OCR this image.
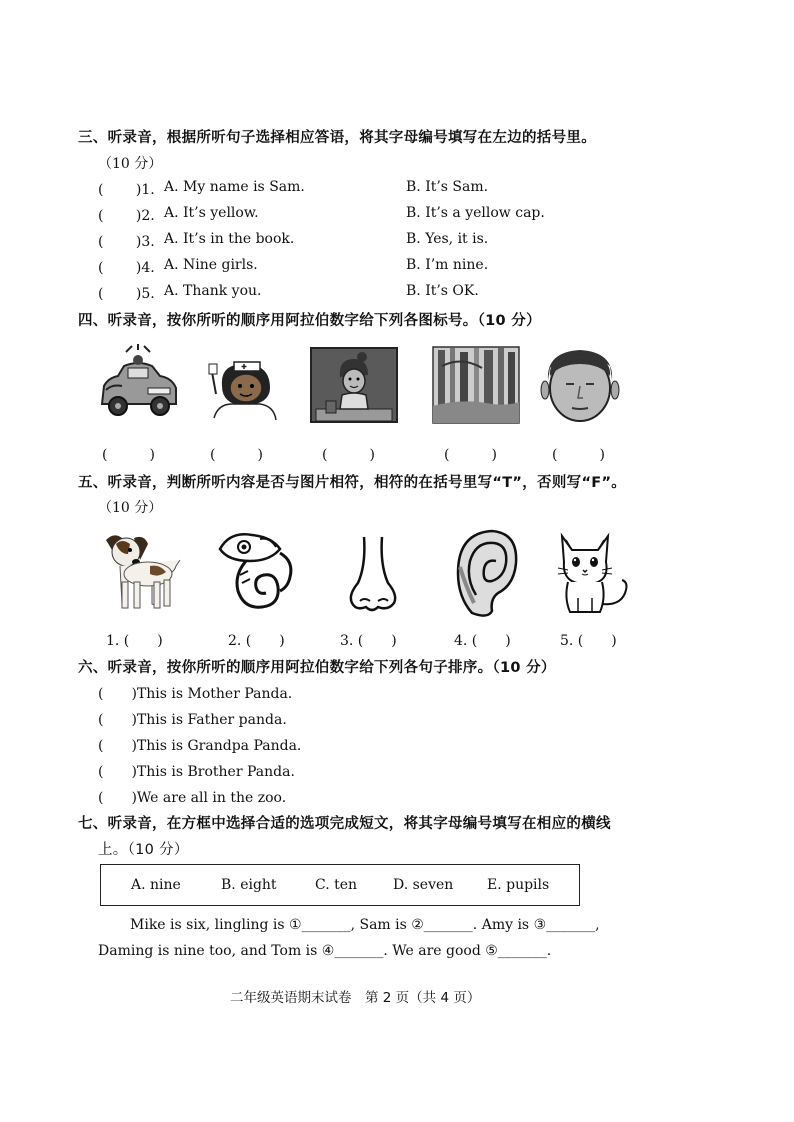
三、听录音，根据所听句子选择相应答语，将其字母编号填写在左边的括号里。
（10 分）
( 　　)1. A. My name is Sam.	B. It’s Sam.
( 　　)2. A. It’s yellow.	B. It’s a yellow cap.
( 　　)3. A. It’s in the book.	B. Yes, it is.
( 　　)4. A. Nine girls.	B. I’m nine.
( 　　)5. A. Thank you.	B. It’s OK.
四、听录音，按你所听的顺序用阿拉伯数字给下列各图标号。（10 分）
(　　　)	(　　　)	(　　　)	(　　　)	(　　　)
五、听录音，判断所听内容是否与图片相符，相符的在括号里写“T”，否则写“F”。
（10 分）
1. (　　)	2. (　　)	3. (　　)	4. (　　)	5. (　　)
六、听录音，按你所听的顺序用阿拉伯数字给下列各句子排序。（10 分）
(　　)This is Mother Panda.
(　　)This is Father panda.
(　　)This is Grandpa Panda.
(　　)This is Brother Panda.
(　　)We are all in the zoo.
七、听录音，在方框中选择合适的选项完成短文，将其字母编号填写在相应的横线
上。（10 分）
A. nine	B. eight	C. ten	D. seven E. pupils
Mike is six, lingling is ①_______, Sam is ②_______. Amy is ③_______,
Daming is nine too, and Tom is ④_______. We are good ⑤_______.
二年级英语期末试卷　第 2 页（共 4 页）
